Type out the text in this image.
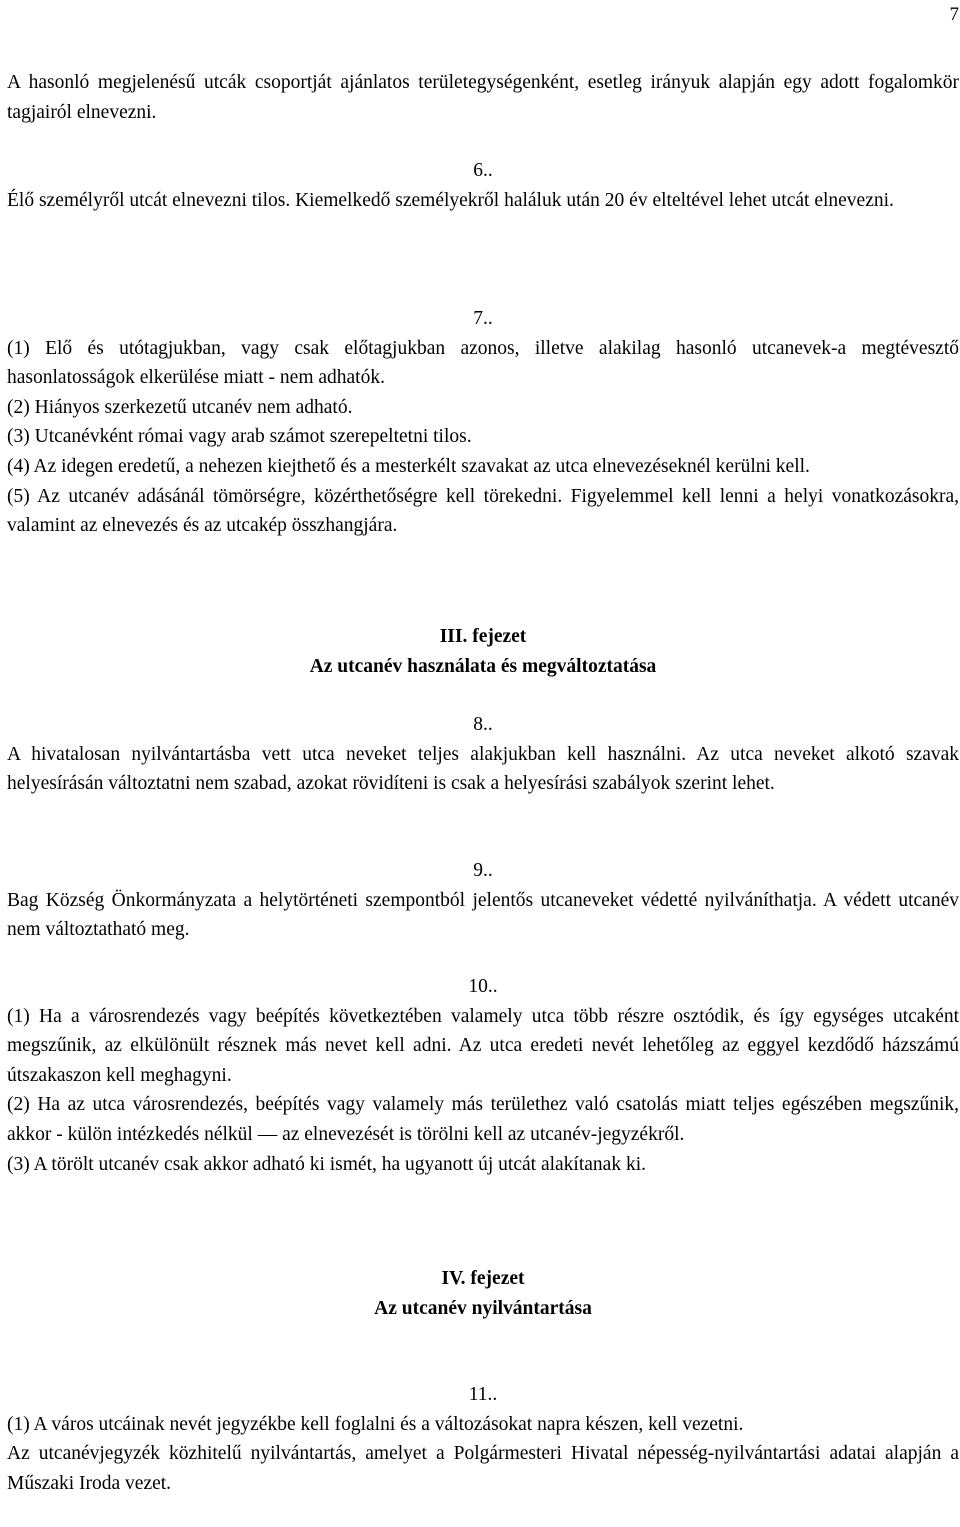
7

A hasonló megjelenésű utcák csoportját ajánlatos területegységenként, esetleg irányuk alapján egy adott fogalomkör tagjairól elnevezni.

6..

Élő személyről utcát elnevezni tilos. Kiemelkedő személyekről haláluk után 20 év elteltével lehet utcát elnevezni.

7..

(1) Elő és utótagjukban, vagy csak előtagjukban azonos, illetve alakilag hasonló utcanevek-a megtévesztő hasonlatosságok elkerülése miatt - nem adhatók.

(2) Hiányos szerkezetű utcanév nem adható.

(3) Utcanévként római vagy arab számot szerepeltetni tilos.

(4) Az idegen eredetű, a nehezen kiejthető és a mesterkélt szavakat az utca elnevezéseknél kerülni kell.

(5) Az utcanév adásánál tömörségre, közérthetőségre kell törekedni. Figyelemmel kell lenni a helyi vonatkozásokra, valamint az elnevezés és az utcakép összhangjára.

III. fejezet

Az utcanév használata és megváltoztatása

8..

A hivatalosan nyilvántartásba vett utca neveket teljes alakjukban kell használni. Az utca neveket alkotó szavak helyesírásán változtatni nem szabad, azokat rövidíteni is csak a helyesírási szabályok szerint lehet.

9..

Bag Község Önkormányzata a helytörténeti szempontból jelentős utcaneveket védetté nyilváníthatja. A védett utcanév nem változtatható meg.

10..

(1) Ha a városrendezés vagy beépítés következtében valamely utca több részre osztódik, és így egységes utcaként megszűnik, az elkülönült résznek más nevet kell adni. Az utca eredeti nevét lehetőleg az eggyel kezdődő házszámú útszakaszon kell meghagyni.

(2) Ha az utca városrendezés, beépítés vagy valamely más területhez való csatolás miatt teljes egészében megszűnik, akkor - külön intézkedés nélkül — az elnevezését is törölni kell az utcanév-jegyzékről.

(3) A törölt utcanév csak akkor adható ki ismét, ha ugyanott új utcát alakítanak ki.

IV. fejezet

Az utcanév nyilvántartása

11..

(1) A város utcáinak nevét jegyzékbe kell foglalni és a változásokat napra készen, kell vezetni.

Az utcanévjegyzék közhitelű nyilvántartás, amelyet a Polgármesteri Hivatal népesség-nyilvántartási adatai alapján a Műszaki Iroda vezet.
